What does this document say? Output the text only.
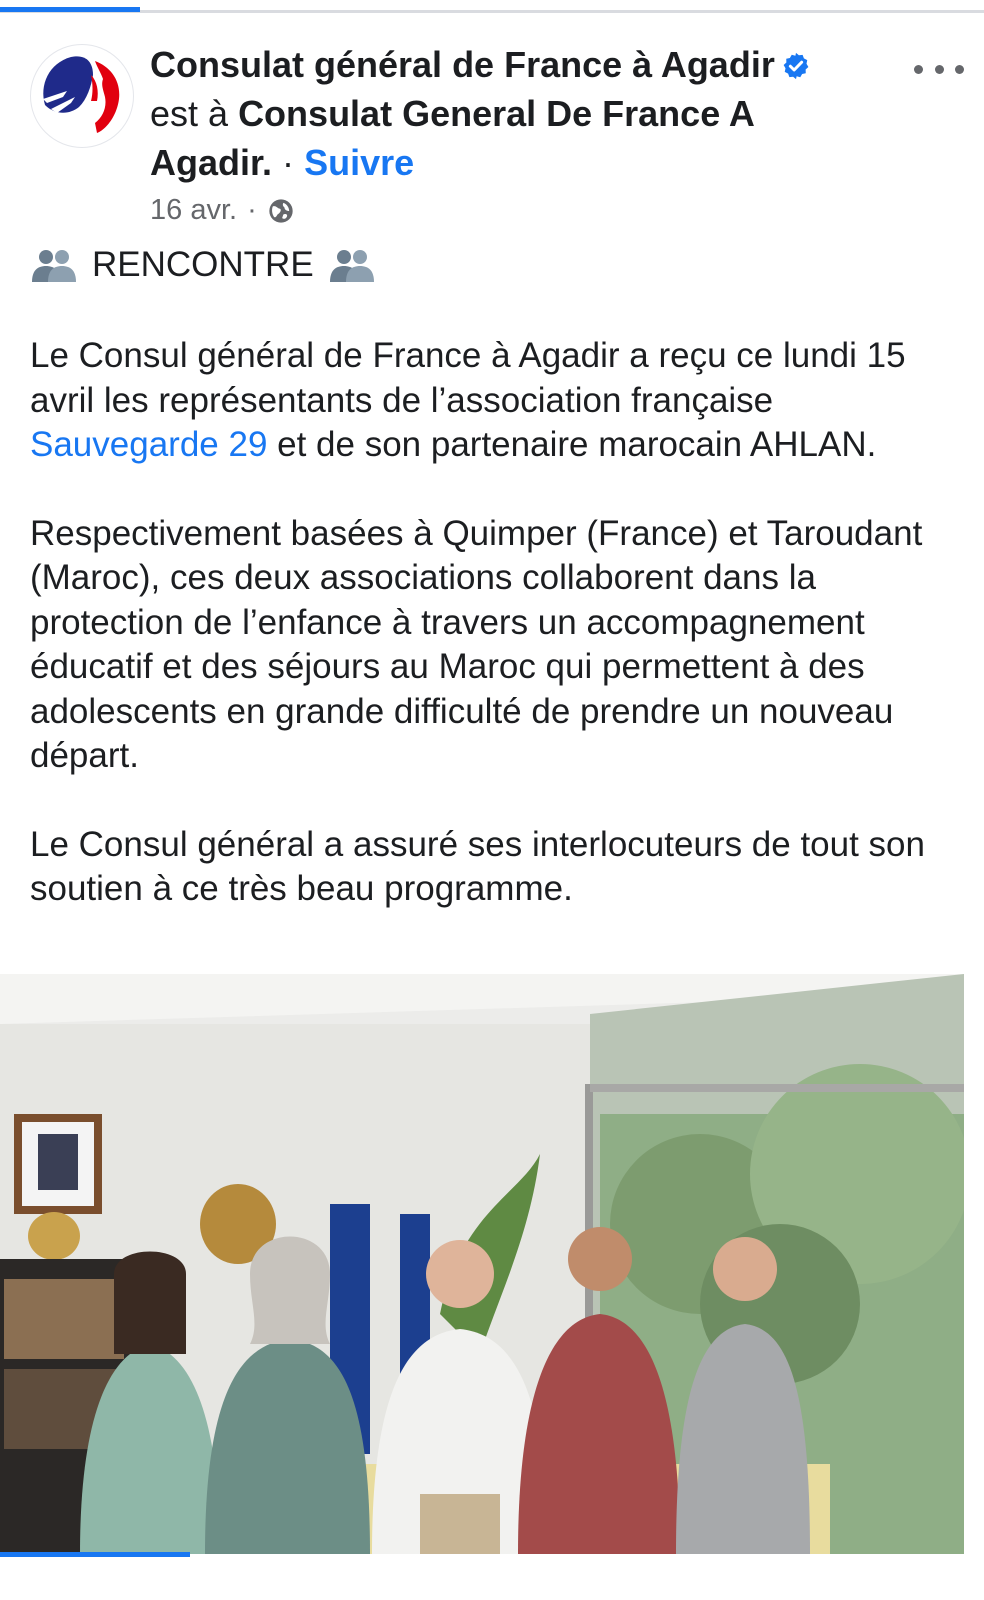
Consulat général de France à Agadir
est à Consulat General De France A Agadir. · Suivre
16 avr. ·
RENCONTRE

Le Consul général de France à Agadir a reçu ce lundi 15 avril les représentants de l’association française Sauvegarde 29 et de son partenaire marocain AHLAN.

Respectivement basées à Quimper (France) et Taroudant (Maroc), ces deux associations collaborent dans la protection de l’enfance à travers un accompagnement éducatif et des séjours au Maroc qui permettent à des adolescents en grande difficulté de prendre un nouveau départ.

Le Consul général a assuré ses interlocuteurs de tout son soutien à ce très beau programme.
